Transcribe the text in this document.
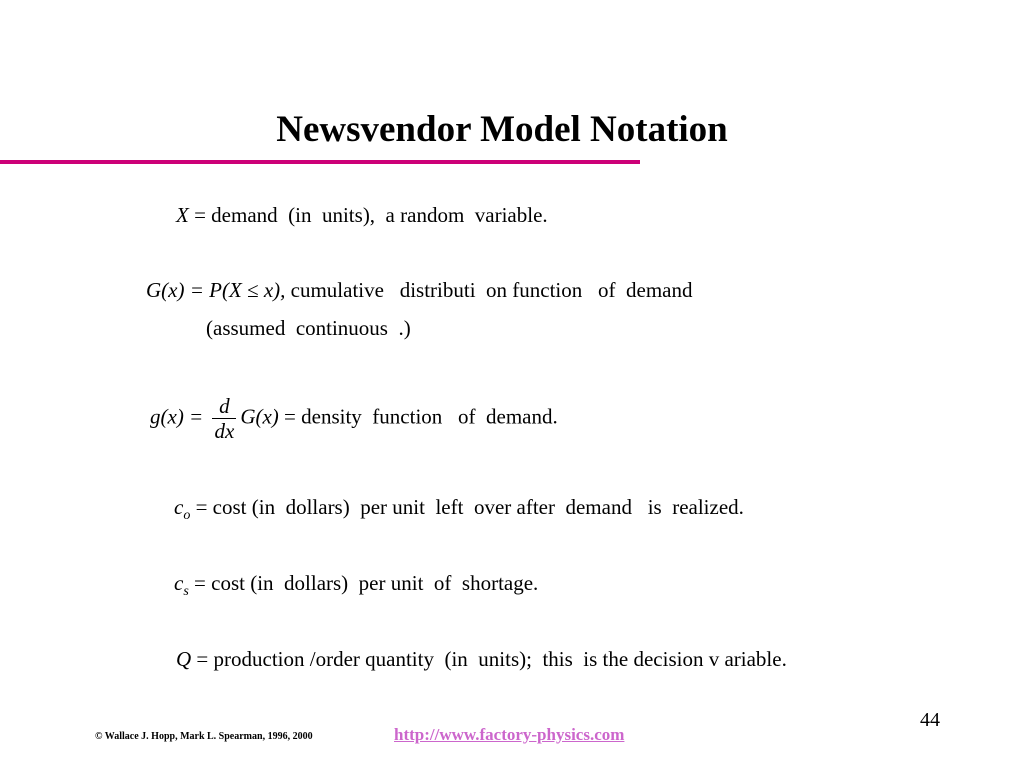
Newsvendor Model Notation
X = demand  (in  units),  a random  variable.
G(x) = P(X ≤ x), cumulative   distributi  on function   of  demand
(assumed  continuous  .)
$g(x) = \frac{d}{dx} G(x)$ = density  function   of  demand.
$c_o = \cos t$ (in  dollars)  per unit  left  over after  demand   is  realized.
$c_s = \cos t$ (in  dollars)  per unit  of  shortage.
Q = production /order quantity  (in  units);  this  is the decision v ariable.
44
© Wallace J. Hopp, Mark L. Spearman, 1996, 2000	http://www.factory-physics.com
